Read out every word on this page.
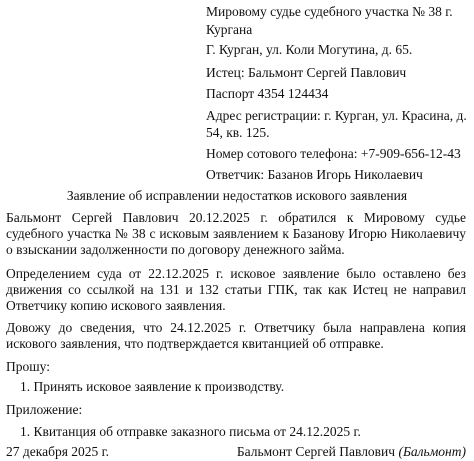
Мировому судье судебного участка № 38 г.

Кургана

Г. Курган, ул. Коли Могутина, д. 65.

Истец: Бальмонт Сергей Павлович

Паспорт 4354 124434

Адрес регистрации: г. Курган, ул. Красина, д.

54, кв. 125.

Номер сотового телефона: +7-909-656-12-43

Ответчик: Базанов Игорь Николаевич

Заявление об исправлении недостатков искового заявления

Бальмонт Сергей Павлович 20.12.2025 г. обратился к Мировому судье судебного участка № 38 с исковым заявлением к Базанову Игорю Николаевичу о взыскании задолженности по договору денежного займа.

Определением суда от 22.12.2025 г. исковое заявление было оставлено без движения со ссылкой на 131 и 132 статьи ГПК, так как Истец не направил Ответчику копию искового заявления.

Довожу до сведения, что 24.12.2025 г. Ответчику была направлена копия искового заявления, что подтверждается квитанцией об отправке.

Прошу:

1. Принять исковое заявление к производству.

Приложение:

1. Квитанция об отправке заказного письма от 24.12.2025 г.

27 декабря 2025 г.	Бальмонт Сергей Павлович (Бальмонт)
